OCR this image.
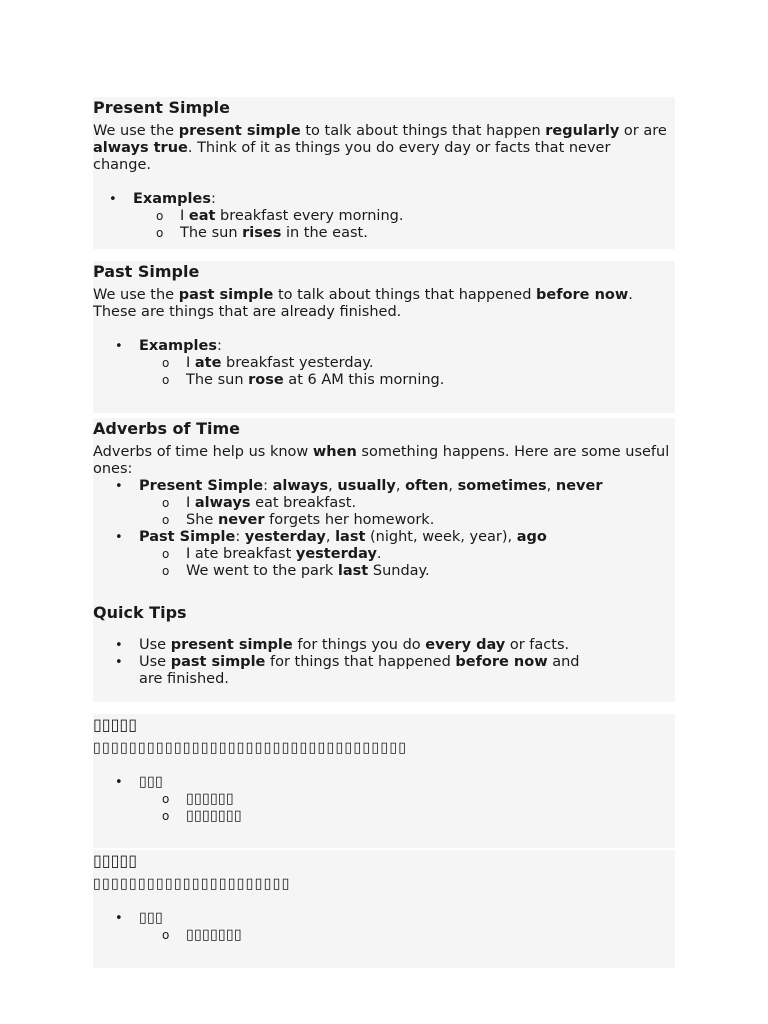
Present Simple

We use the present simple to talk about things that happen regularly or are always true. Think of it as things you do every day or facts that never change.

• Examples:
o I eat breakfast every morning.
o The sun rises in the east.
Past Simple

We use the past simple to talk about things that happened before now. These are things that are already finished.

• Examples:
o I ate breakfast yesterday.
o The sun rose at 6 AM this morning.
Adverbs of Time

Adverbs of time help us know when something happens. Here are some useful ones:

• Present Simple: always, usually, often, sometimes, never
o I always eat breakfast.
o She never forgets her homework.
• Past Simple: yesterday, last (night, week, year), ago
o I ate breakfast yesterday.
o We went to the park last Sunday.
Quick Tips
• Use present simple for things you do every day or facts.
• Use past simple for things that happened before now and are finished.
▯▯▯▯▯

▯▯▯▯▯▯▯▯▯▯▯▯▯▯▯▯▯▯▯▯▯▯▯▯▯▯▯▯▯▯▯▯▯▯▯

• ▯▯▯
o ▯▯▯▯▯▯
o ▯▯▯▯▯▯▯
▯▯▯▯▯

▯▯▯▯▯▯▯▯▯▯▯▯▯▯▯▯▯▯▯▯▯▯

• ▯▯▯
o ▯▯▯▯▯▯▯
